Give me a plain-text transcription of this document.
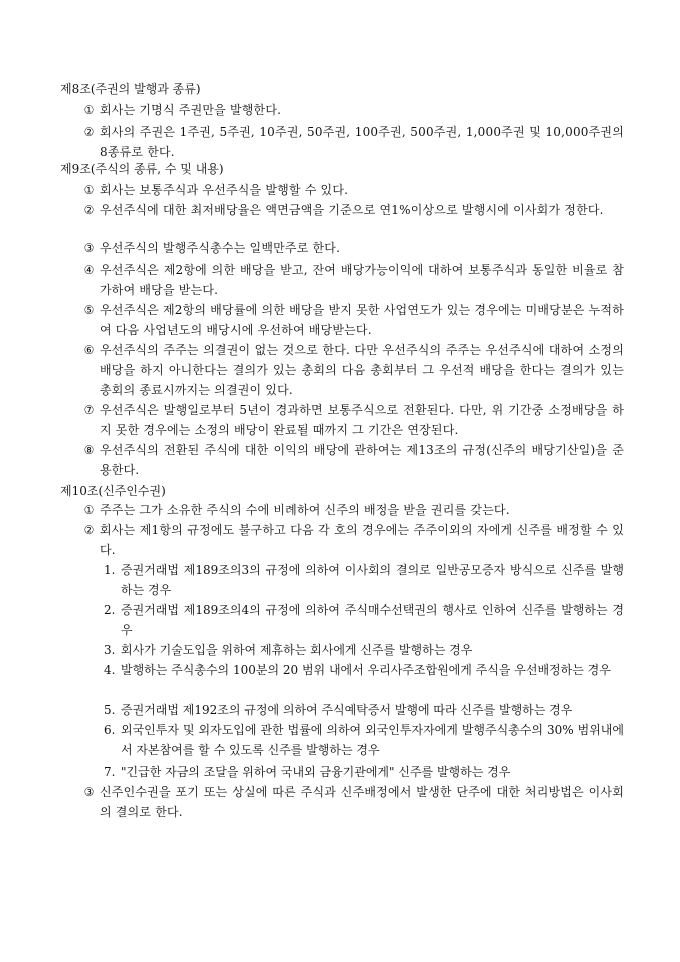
제8조(주권의 발행과 종류)
① 회사는 기명식 주권만을 발행한다.
② 회사의 주권은 1주권, 5주권, 10주권, 50주권, 100주권, 500주권, 1,000주권 및 10,000주권의 8종류로 한다.
제9조(주식의 종류, 수 및 내용)
① 회사는 보통주식과 우선주식을 발행할 수 있다.
② 우선주식에 대한 최저배당율은 액면금액을 기준으로 연1%이상으로 발행시에 이사회가 정한다.
③ 우선주식의 발행주식총수는 일백만주로 한다.
④ 우선주식은 제2항에 의한 배당을 받고, 잔여 배당가능이익에 대하여 보통주식과 동일한 비율로 참가하여 배당을 받는다.
⑤ 우선주식은 제2항의 배당률에 의한 배당을 받지 못한 사업연도가 있는 경우에는 미배당분은 누적하여 다음 사업년도의 배당시에 우선하여 배당받는다.
⑥ 우선주식의 주주는 의결권이 없는 것으로 한다. 다만 우선주식의 주주는 우선주식에 대하여 소정의 배당을 하지 아니한다는 결의가 있는 총회의 다음 총회부터 그 우선적 배당을 한다는 결의가 있는 총회의 종료시까지는 의결권이 있다.
⑦ 우선주식은 발행일로부터 5년이 경과하면 보통주식으로 전환된다. 다만, 위 기간중 소정배당을 하지 못한 경우에는 소정의 배당이 완료될 때까지 그 기간은 연장된다.
⑧ 우선주식의 전환된 주식에 대한 이익의 배당에 관하여는 제13조의 규정(신주의 배당기산일)을 준용한다.
제10조(신주인수권)
① 주주는 그가 소유한 주식의 수에 비례하여 신주의 배정을 받을 권리를 갖는다.
② 회사는 제1항의 규정에도 불구하고 다음 각 호의 경우에는 주주이외의 자에게 신주를 배정할 수 있다.
1. 증권거래법 제189조의3의 규정에 의하여 이사회의 결의로 일반공모증자 방식으로 신주를 발행하는 경우
2. 증권거래법 제189조의4의 규정에 의하여 주식매수선택권의 행사로 인하여 신주를 발행하는 경우
3. 회사가 기술도입을 위하여 제휴하는 회사에게 신주를 발행하는 경우
4. 발행하는 주식총수의 100분의 20 범위 내에서 우리사주조합원에게 주식을 우선배정하는 경우
5. 증권거래법 제192조의 규정에 의하여 주식예탁증서 발행에 따라 신주를 발행하는 경우
6. 외국인투자 및 외자도입에 관한 법률에 의하여 외국인투자자에게 발행주식총수의 30% 범위내에서 자본참여를 할 수 있도록 신주를 발행하는 경우
7. "긴급한 자금의 조달을 위하여 국내외 금융기관에게" 신주를 발행하는 경우
③ 신주인수권을 포기 또는 상실에 따른 주식과 신주배정에서 발생한 단주에 대한 처리방법은 이사회의 결의로 한다.
